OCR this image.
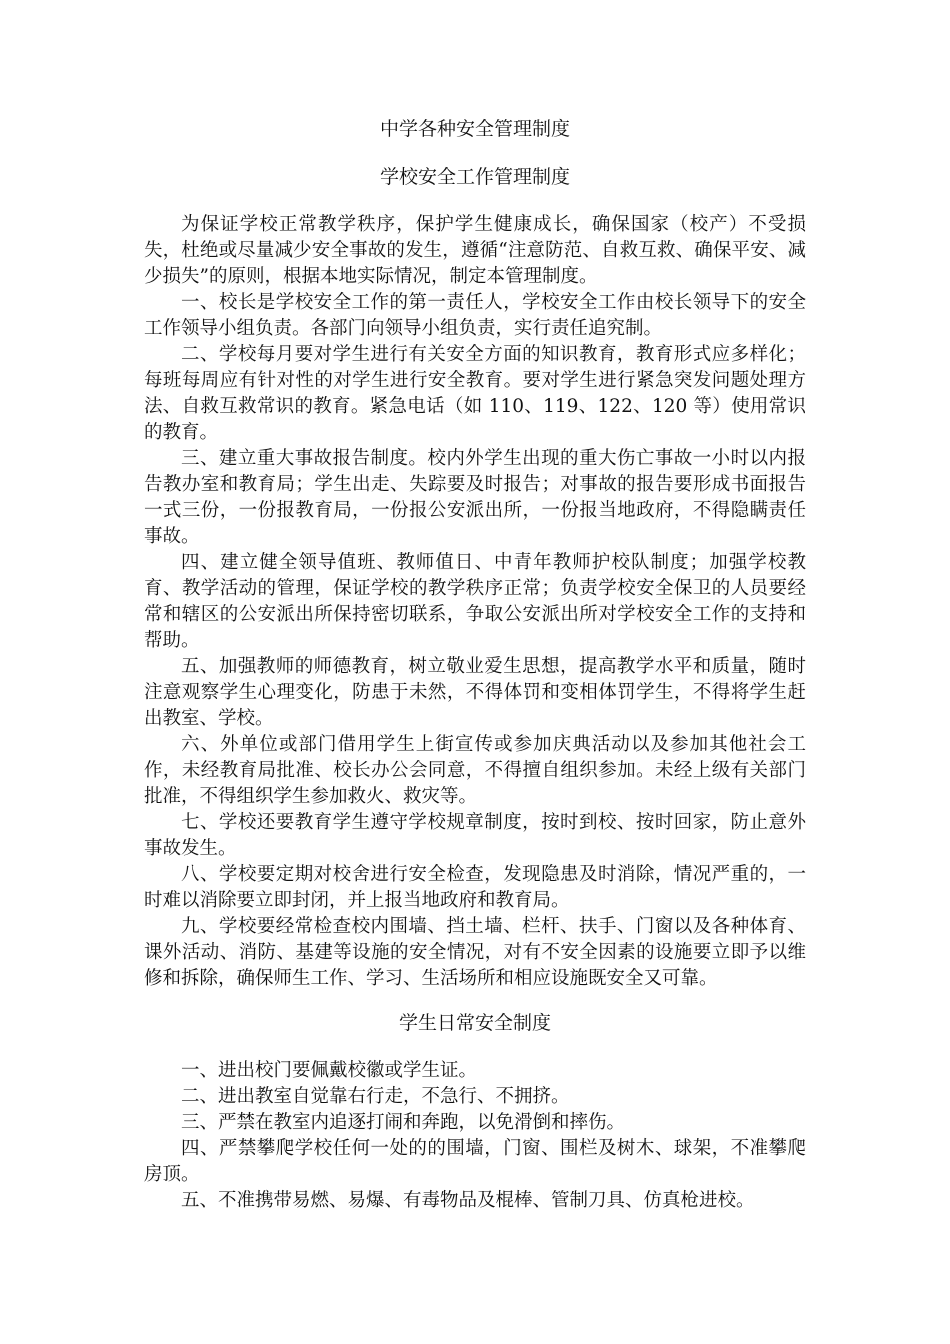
中学各种安全管理制度
学校安全工作管理制度

为保证学校正常教学秩序，保护学生健康成长，确保国家（校产）不受损失，杜绝或尽量减少安全事故的发生，遵循“注意防范、自救互救、确保平安、减少损失”的原则，根据本地实际情况，制定本管理制度。

一、校长是学校安全工作的第一责任人，学校安全工作由校长领导下的安全工作领导小组负责。各部门向领导小组负责，实行责任追究制。

二、学校每月要对学生进行有关安全方面的知识教育，教育形式应多样化；每班每周应有针对性的对学生进行安全教育。要对学生进行紧急突发问题处理方法、自救互救常识的教育。紧急电话（如 110、119、122、120 等）使用常识的教育。

三、建立重大事故报告制度。校内外学生出现的重大伤亡事故一小时以内报告教办室和教育局；学生出走、失踪要及时报告；对事故的报告要形成书面报告一式三份，一份报教育局，一份报公安派出所，一份报当地政府，不得隐瞒责任事故。

四、建立健全领导值班、教师值日、中青年教师护校队制度；加强学校教育、教学活动的管理，保证学校的教学秩序正常；负责学校安全保卫的人员要经常和辖区的公安派出所保持密切联系，争取公安派出所对学校安全工作的支持和帮助。

五、加强教师的师德教育，树立敬业爱生思想，提高教学水平和质量，随时注意观察学生心理变化，防患于未然，不得体罚和变相体罚学生，不得将学生赶出教室、学校。

六、外单位或部门借用学生上街宣传或参加庆典活动以及参加其他社会工作，未经教育局批准、校长办公会同意，不得擅自组织参加。未经上级有关部门批准，不得组织学生参加救火、救灾等。

七、学校还要教育学生遵守学校规章制度，按时到校、按时回家，防止意外事故发生。

八、学校要定期对校舍进行安全检查，发现隐患及时消除，情况严重的，一时难以消除要立即封闭，并上报当地政府和教育局。

九、学校要经常检查校内围墙、挡土墙、栏杆、扶手、门窗以及各种体育、课外活动、消防、基建等设施的安全情况，对有不安全因素的设施要立即予以维修和拆除，确保师生工作、学习、生活场所和相应设施既安全又可靠。

学生日常安全制度

一、进出校门要佩戴校徽或学生证。

二、进出教室自觉靠右行走，不急行、不拥挤。

三、严禁在教室内追逐打闹和奔跑，以免滑倒和摔伤。

四、严禁攀爬学校任何一处的的围墙，门窗、围栏及树木、球架，不准攀爬房顶。

五、不准携带易燃、易爆、有毒物品及棍棒、管制刀具、仿真枪进校。
